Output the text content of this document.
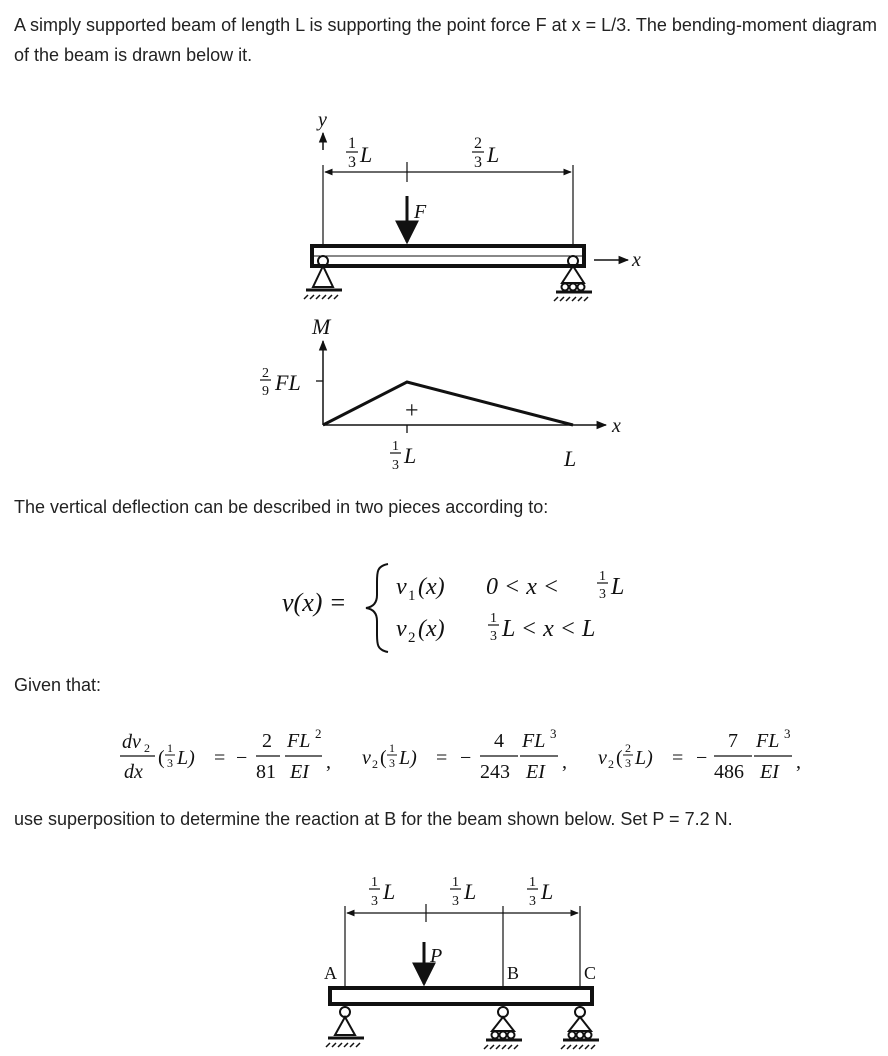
A simply supported beam of length L is supporting the point force F at x = L/3. The bending-moment diagram of the beam is drawn below it.

y
1
3 L	2
3 L
F
x
M
2
9 FL
+
x
1
3 L	L
v(x) =
v 1 (x) 0 < x <	1
3 L
v 2 (x)	1
3 L < x < L
dv 2
dx
( 1
3 L) = −
2
81
FL 2
EI , v 2 ( 1
3 L) = −
4
243
FL 3
EI , v 2 ( 2
3 L) = −
7
486
FL 3
EI ,
1
3 L	1
3 L	1
3 L
P
A	B	C

The vertical deflection can be described in two pieces according to:

Given that:

use superposition to determine the reaction at B for the beam shown below. Set P = 7.2 N.
